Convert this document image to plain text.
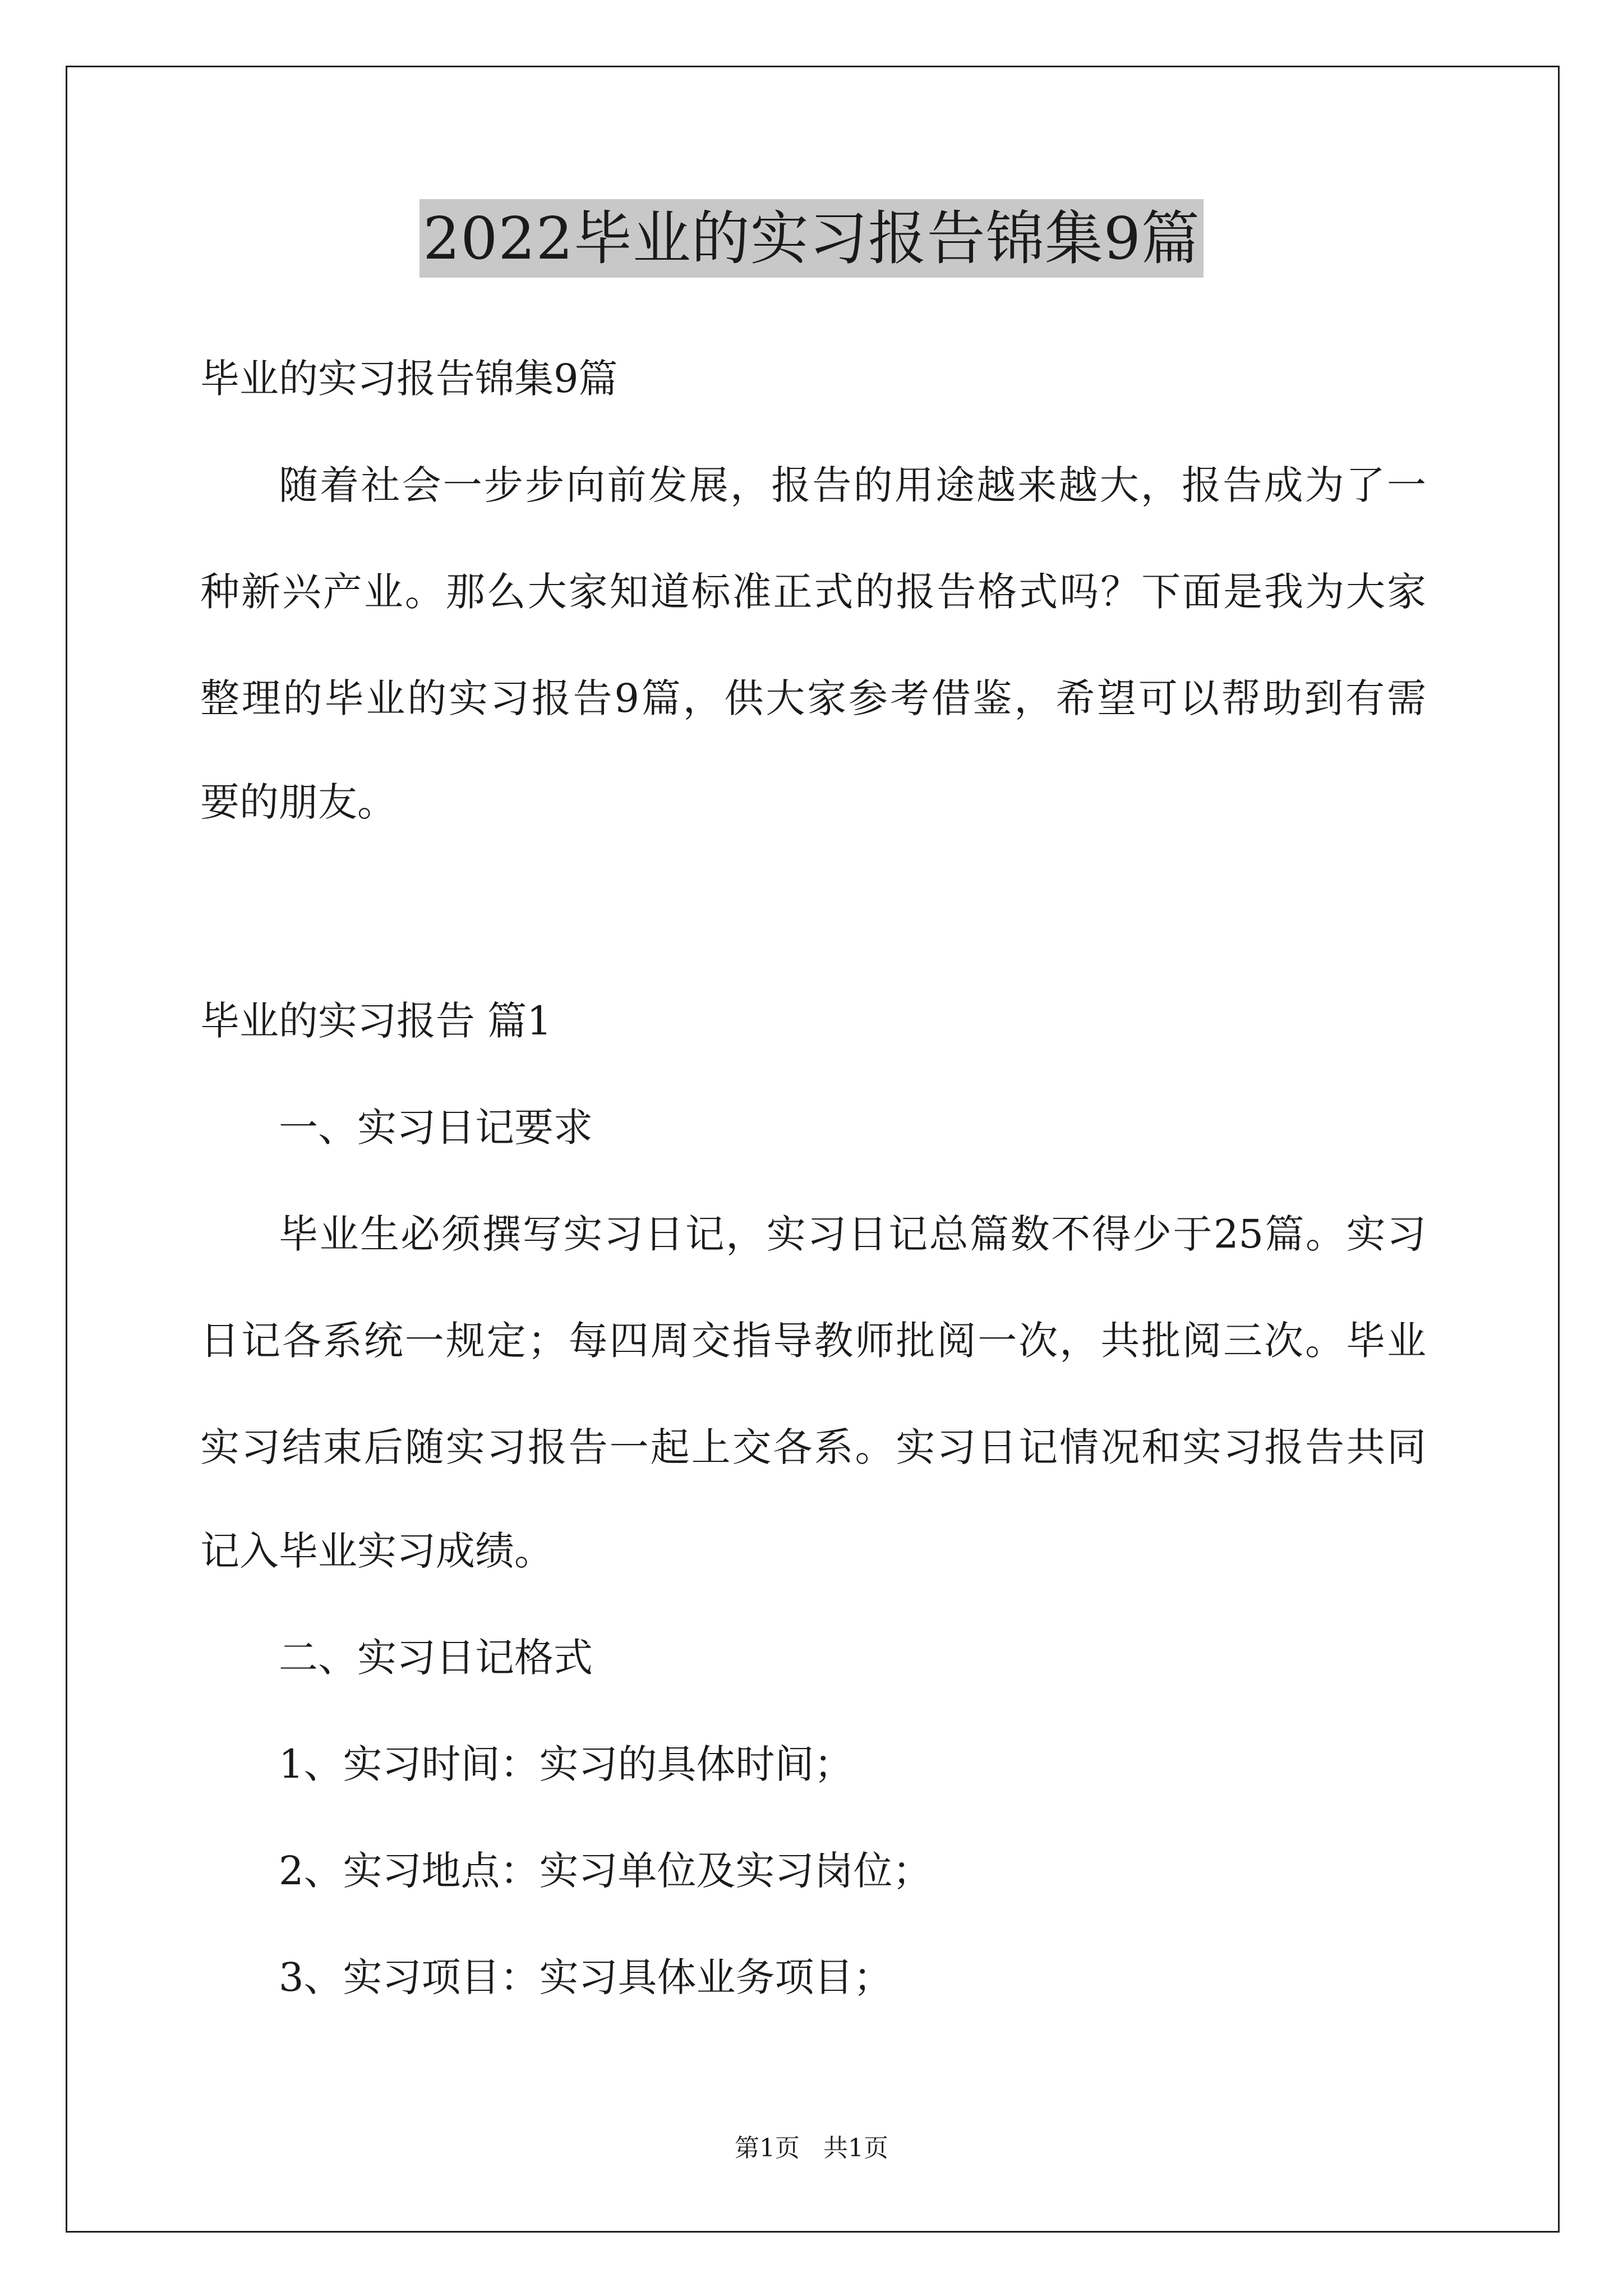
2022毕业的实习报告锦集9篇
毕业的实习报告锦集9篇
随着社会一步步向前发展，报告的用途越来越大，报告成为了一
种新兴产业。那么大家知道标准正式的报告格式吗？下面是我为大家
整理的毕业的实习报告9篇，供大家参考借鉴，希望可以帮助到有需
要的朋友。
毕业的实习报告 篇1
一、实习日记要求
毕业生必须撰写实习日记，实习日记总篇数不得少于25篇。实习
日记各系统一规定；每四周交指导教师批阅一次，共批阅三次。毕业
实习结束后随实习报告一起上交各系。实习日记情况和实习报告共同
记入毕业实习成绩。
二、实习日记格式
1、实习时间：实习的具体时间；
2、实习地点：实习单位及实习岗位；
3、实习项目：实习具体业务项目；
第1页   共1页
